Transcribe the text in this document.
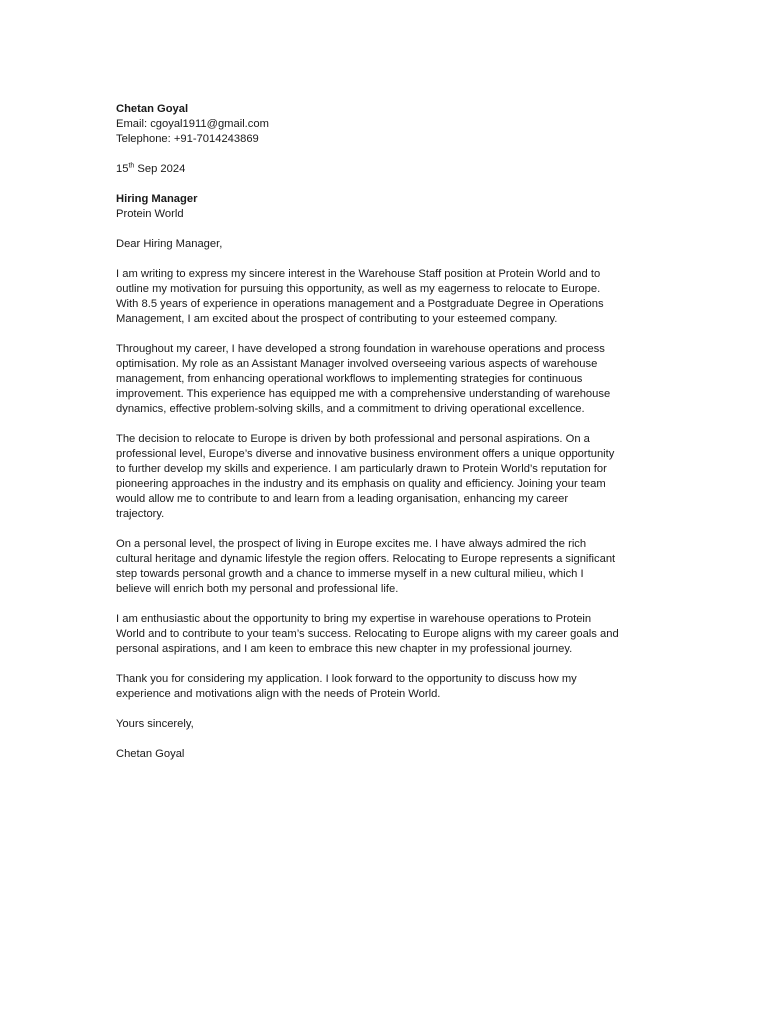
Chetan Goyal
Email: cgoyal1911@gmail.com
Telephone: +91-7014243869
15th Sep 2024
Hiring Manager
Protein World
Dear Hiring Manager,
I am writing to express my sincere interest in the Warehouse Staff position at Protein World and to
outline my motivation for pursuing this opportunity, as well as my eagerness to relocate to Europe.
With 8.5 years of experience in operations management and a Postgraduate Degree in Operations
Management, I am excited about the prospect of contributing to your esteemed company.
Throughout my career, I have developed a strong foundation in warehouse operations and process
optimisation. My role as an Assistant Manager involved overseeing various aspects of warehouse
management, from enhancing operational workflows to implementing strategies for continuous
improvement. This experience has equipped me with a comprehensive understanding of warehouse
dynamics, effective problem-solving skills, and a commitment to driving operational excellence.
The decision to relocate to Europe is driven by both professional and personal aspirations. On a
professional level, Europe’s diverse and innovative business environment offers a unique opportunity
to further develop my skills and experience. I am particularly drawn to Protein World’s reputation for
pioneering approaches in the industry and its emphasis on quality and efficiency. Joining your team
would allow me to contribute to and learn from a leading organisation, enhancing my career
trajectory.
On a personal level, the prospect of living in Europe excites me. I have always admired the rich
cultural heritage and dynamic lifestyle the region offers. Relocating to Europe represents a significant
step towards personal growth and a chance to immerse myself in a new cultural milieu, which I
believe will enrich both my personal and professional life.
I am enthusiastic about the opportunity to bring my expertise in warehouse operations to Protein
World and to contribute to your team’s success. Relocating to Europe aligns with my career goals and
personal aspirations, and I am keen to embrace this new chapter in my professional journey.
Thank you for considering my application. I look forward to the opportunity to discuss how my
experience and motivations align with the needs of Protein World.
Yours sincerely,
Chetan Goyal
